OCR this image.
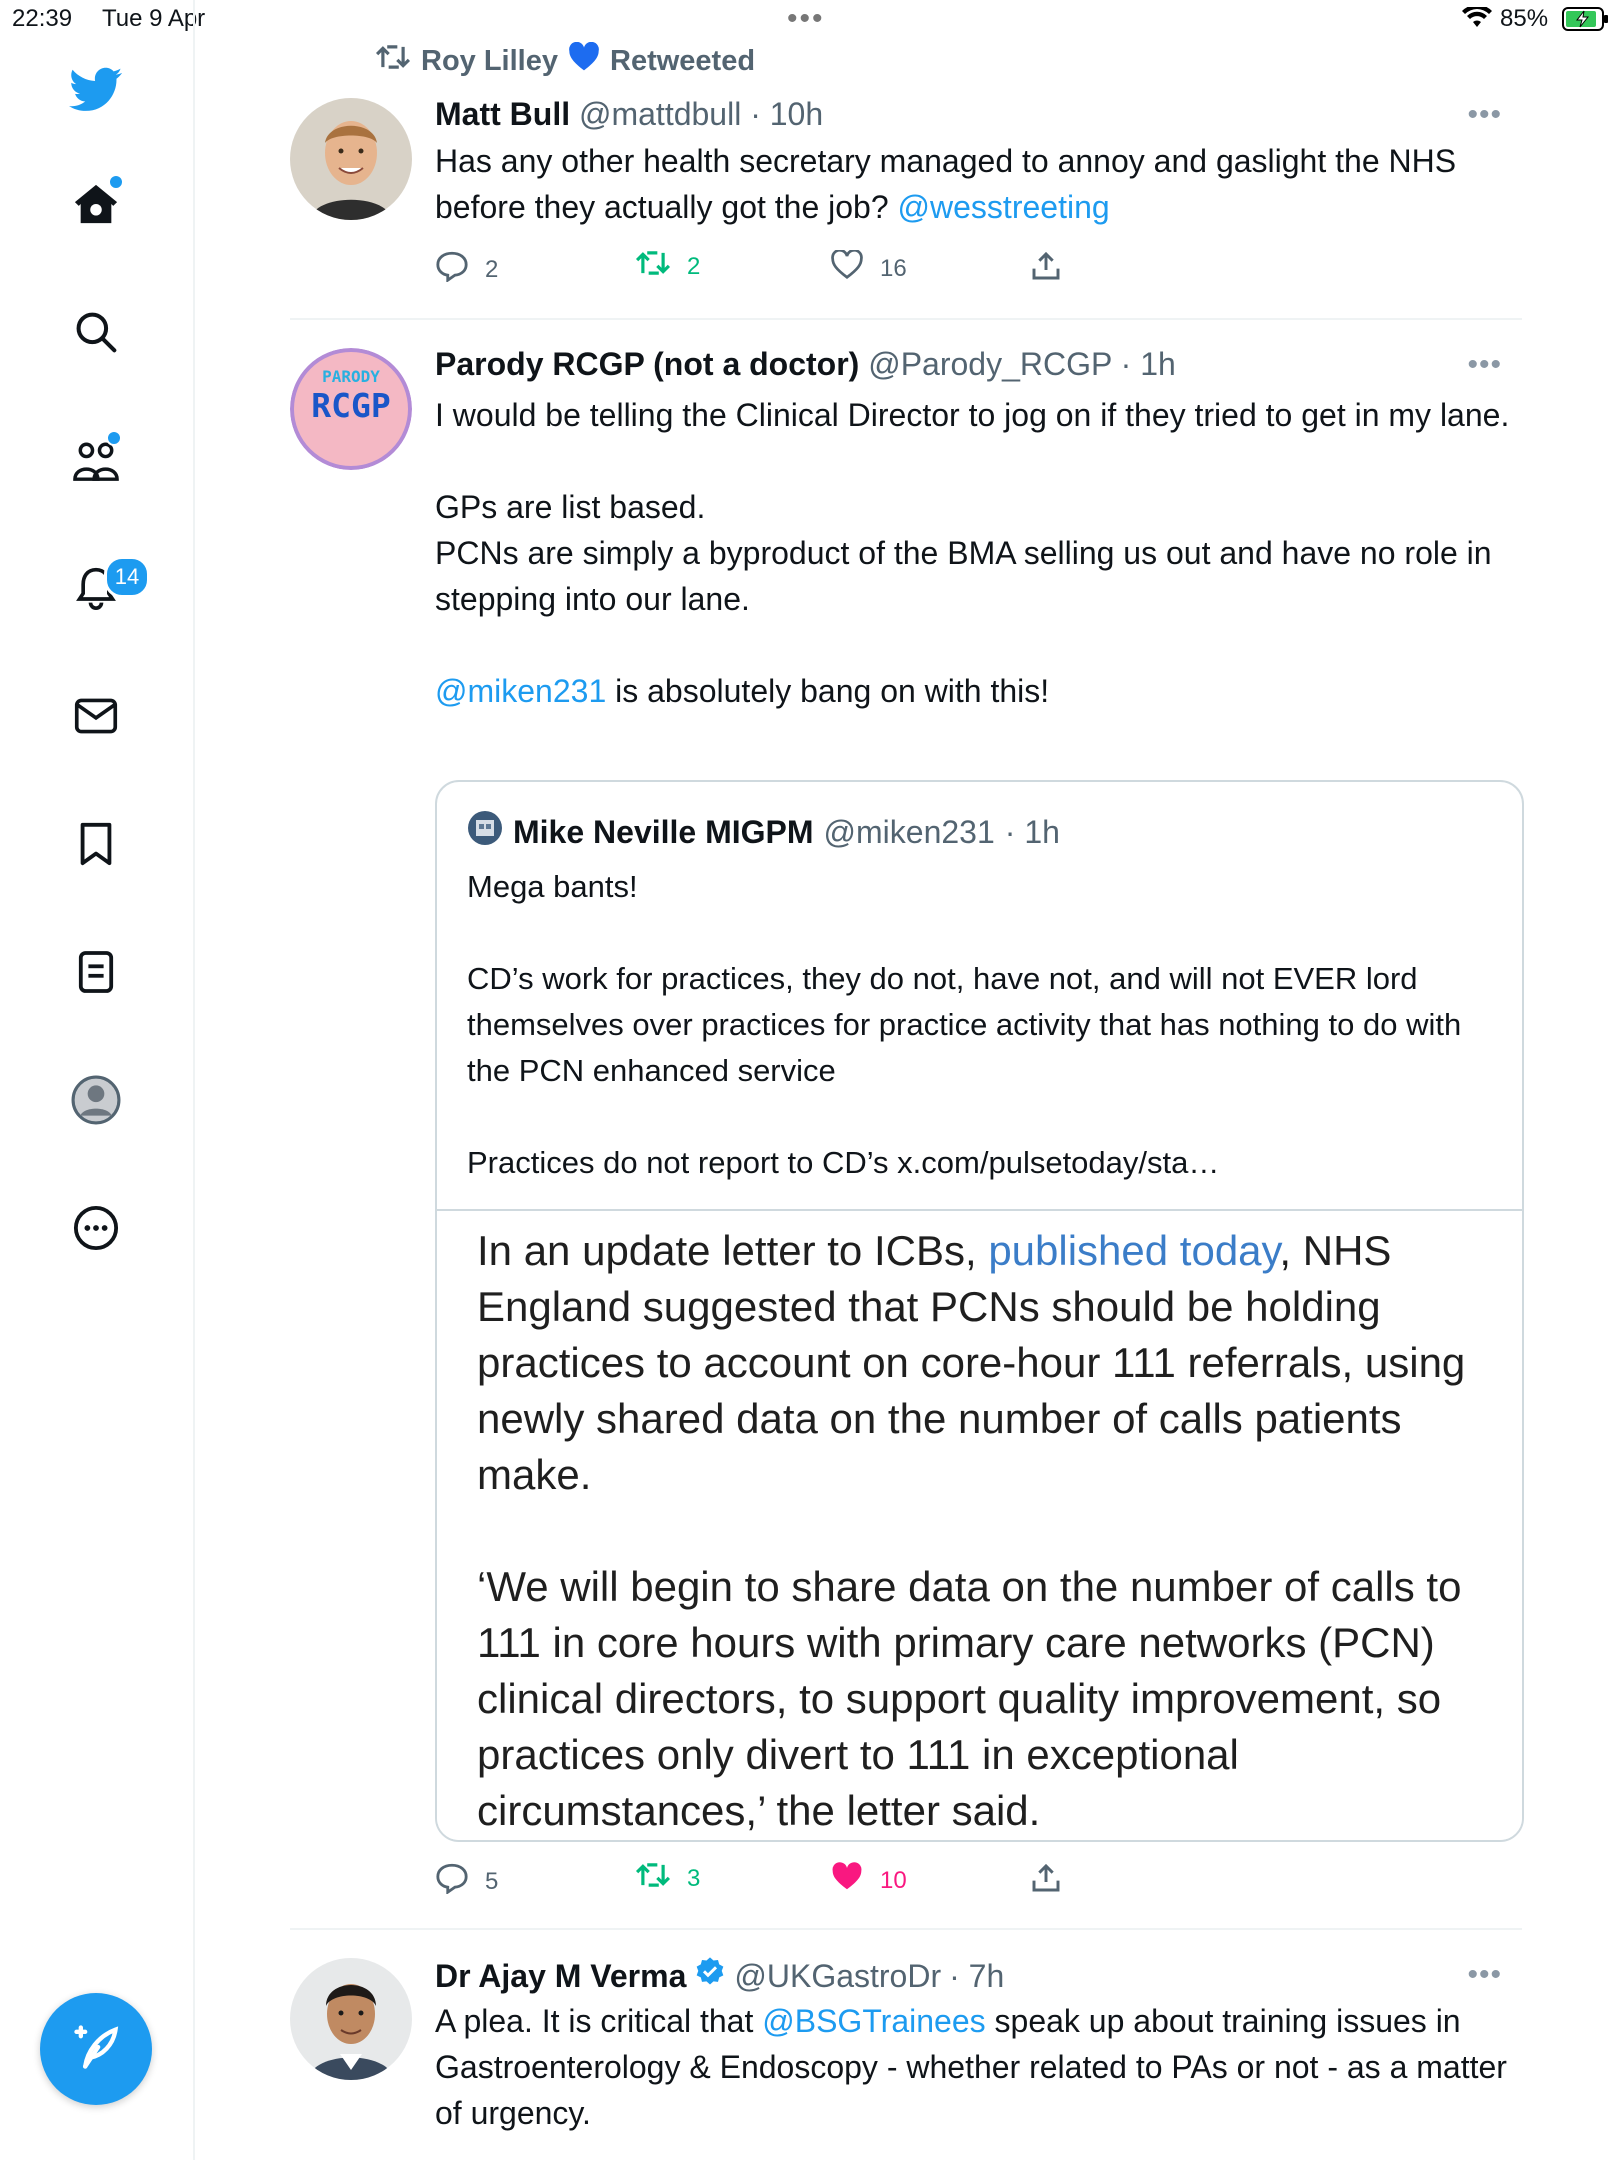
22:39 Tue 9 Apr	•••	85%
14
Roy Lilley Retweeted
Matt Bull @mattdbull · 10h	•••
Has any other health secretary managed to annoy and gaslight the NHS before they actually got the job? @wesstreeting
2	2	16
PARODY
RCGP
Parody RCGP (not a doctor) @Parody_RCGP · 1h	•••
I would be telling the Clinical Director to jog on if they tried to get in my lane.

GPs are list based.
PCNs are simply a byproduct of the BMA selling us out and have no role in stepping into our lane.

@miken231 is absolutely bang on with this!
5	3	10
Mike Neville MIGPM @miken231 · 1h
Mega bants!

CD’s work for practices, they do not, have not, and will not EVER lord themselves over practices for practice activity that has nothing to do with the PCN enhanced service

Practices do not report to CD’s x.com/pulsetoday/sta…
In an update letter to ICBs, published today, NHS England suggested that PCNs should be holding practices to account on core-hour 111 referrals, using newly shared data on the number of calls patients make.

‘We will begin to share data on the number of calls to 111 in core hours with primary care networks (PCN) clinical directors, to support quality improvement, so practices only divert to 111 in exceptional circumstances,’ the letter said.
Dr Ajay M Verma @UKGastroDr · 7h	•••
A plea. It is critical that @BSGTrainees speak up about training issues in Gastroenterology & Endoscopy - whether related to PAs or not - as a matter of urgency.
